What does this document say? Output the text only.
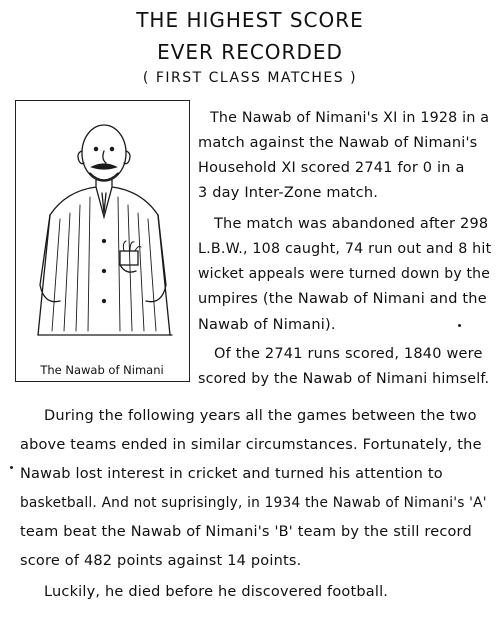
THE HIGHEST SCORE
EVER RECORDED
( FIRST CLASS MATCHES )
The Nawab of Nimani
The Nawab of Nimani's XI in 1928 in a
match against the Nawab of Nimani's
Household XI scored 2741 for 0 in a
3 day Inter-Zone match.
The match was abandoned after 298
L.B.W., 108 caught, 74 run out and 8 hit
wicket appeals were turned down by the
umpires (the Nawab of Nimani and the
Nawab of Nimani).
Of the 2741 runs scored, 1840 were
scored by the Nawab of Nimani himself.
During the following years all the games between the two
above teams ended in similar circumstances. Fortunately, the
Nawab lost interest in cricket and turned his attention to
basketball. And not suprisingly, in 1934 the Nawab of Nimani's 'A'
team beat the Nawab of Nimani's 'B' team by the still record
score of 482 points against 14 points.
Luckily, he died before he discovered football.
